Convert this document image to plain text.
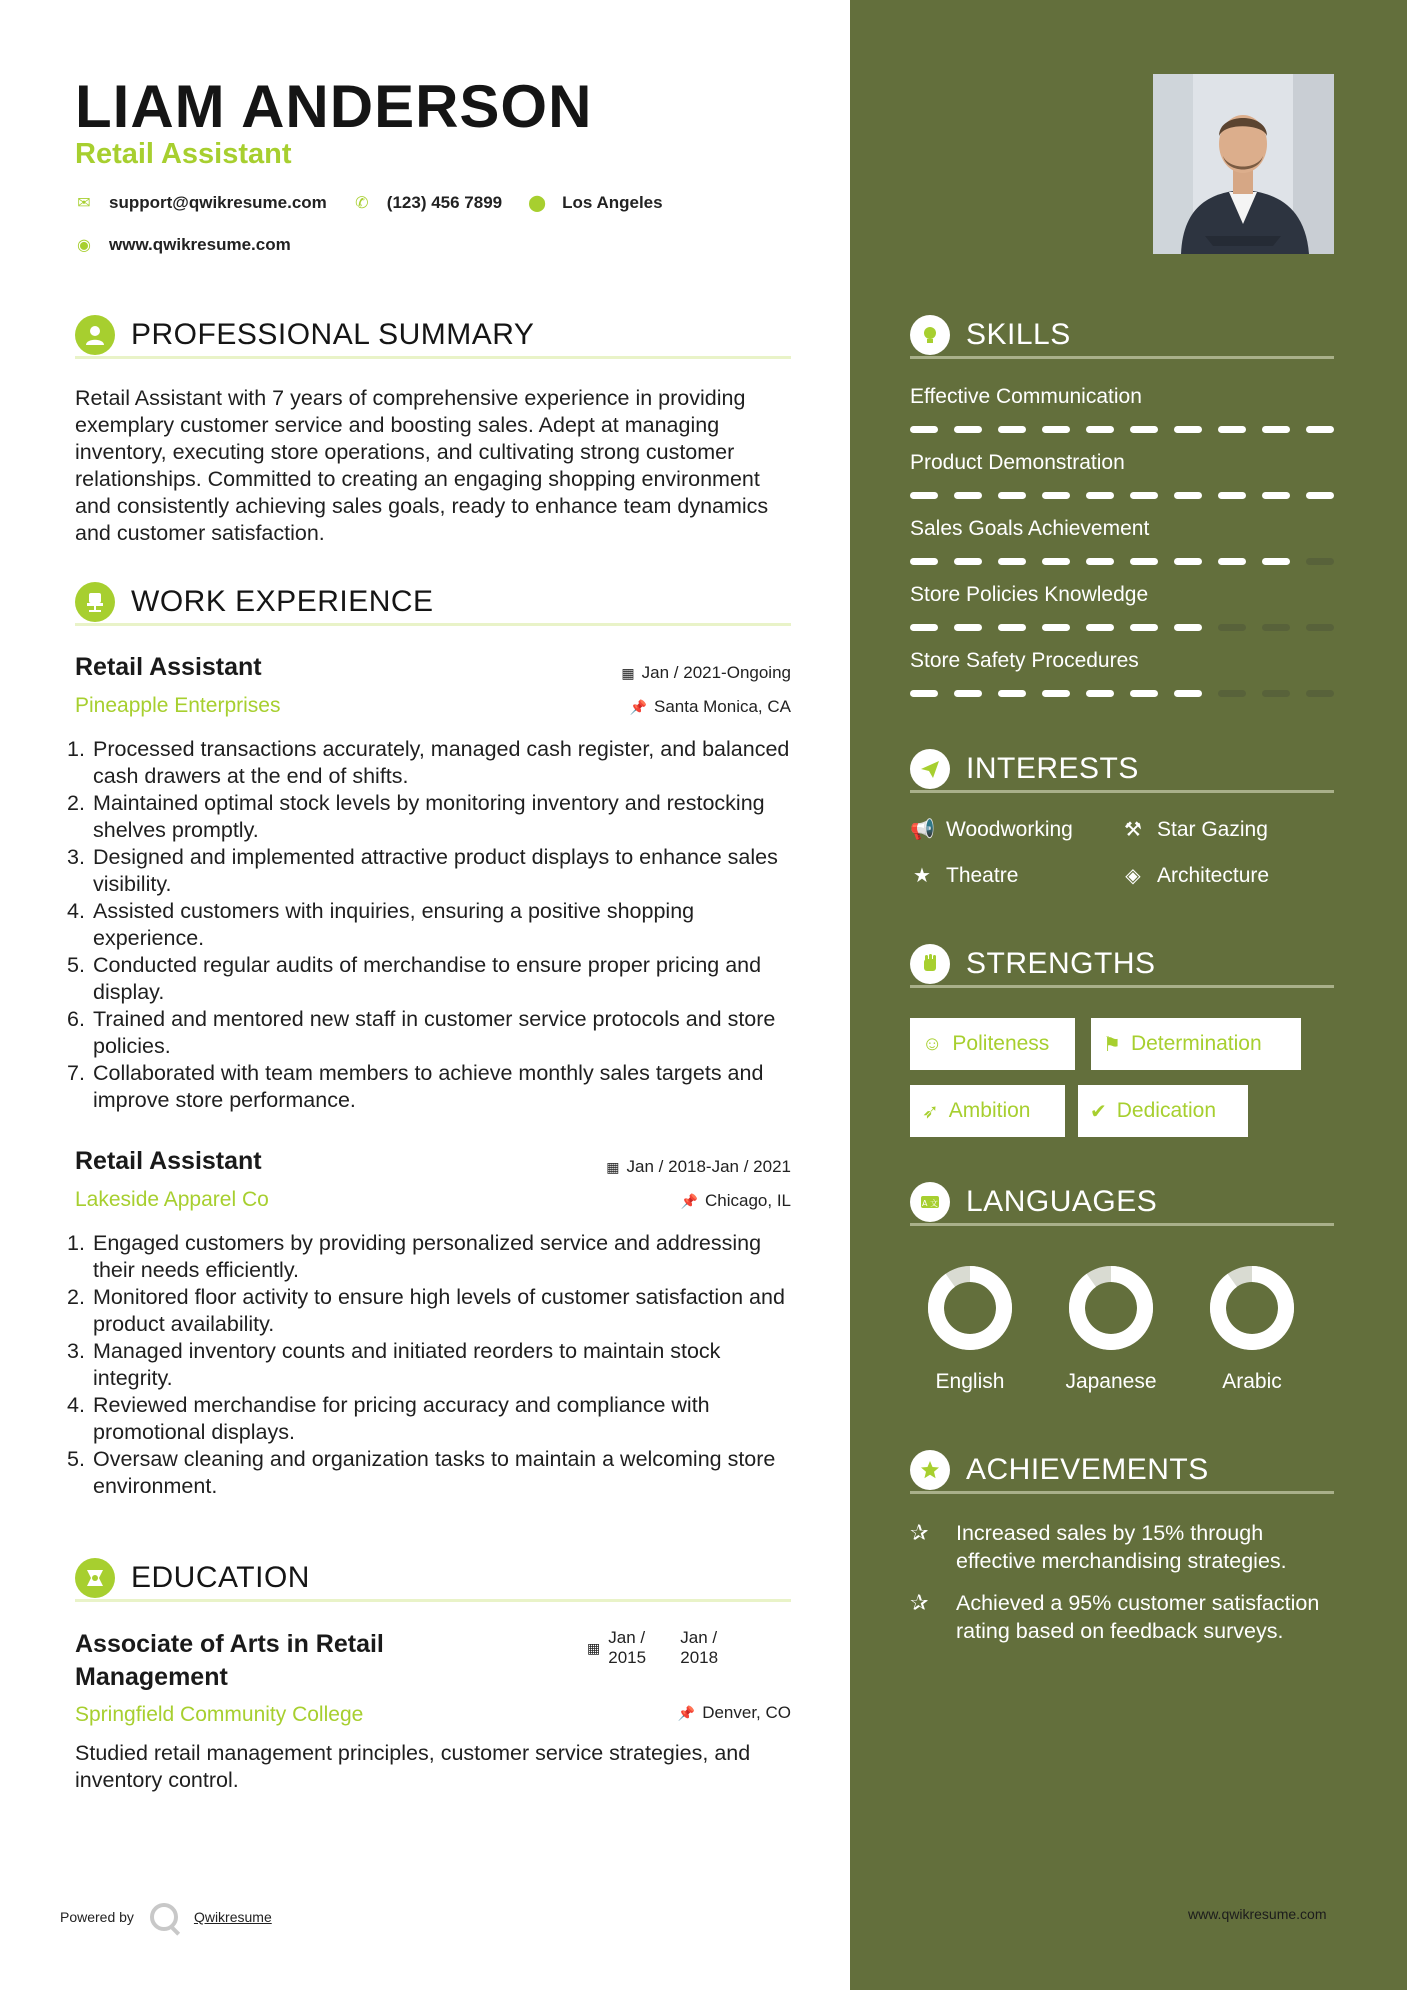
LIAM ANDERSON
Retail Assistant
✉ support@qwikresume.com ✆ (123) 456 7899 ⬤ Los Angeles
◉ www.qwikresume.com
PROFESSIONAL SUMMARY
Retail Assistant with 7 years of comprehensive experience in providing exemplary customer service and boosting sales. Adept at managing inventory, executing store operations, and cultivating strong customer relationships. Committed to creating an engaging shopping environment and consistently achieving sales goals, ready to enhance team dynamics and customer satisfaction.
WORK EXPERIENCE
Retail Assistant
Pineapple Enterprises
▦ Jan / 2021-Ongoing
📌 Santa Monica, CA
Processed transactions accurately, managed cash register, and balanced cash drawers at the end of shifts.
Maintained optimal stock levels by monitoring inventory and restocking shelves promptly.
Designed and implemented attractive product displays to enhance sales visibility.
Assisted customers with inquiries, ensuring a positive shopping experience.
Conducted regular audits of merchandise to ensure proper pricing and display.
Trained and mentored new staff in customer service protocols and store policies.
Collaborated with team members to achieve monthly sales targets and improve store performance.
Retail Assistant
Lakeside Apparel Co
▦ Jan / 2018-Jan / 2021
📌 Chicago, IL
Engaged customers by providing personalized service and addressing their needs efficiently.
Monitored floor activity to ensure high levels of customer satisfaction and product availability.
Managed inventory counts and initiated reorders to maintain stock integrity.
Reviewed merchandise for pricing accuracy and compliance with promotional displays.
Oversaw cleaning and organization tasks to maintain a welcoming store environment.
EDUCATION
Associate of Arts in Retail Management
▦
Jan / 2015
Jan / 2018
Springfield Community College	📌 Denver, CO
Studied retail management principles, customer service strategies, and inventory control.
Powered by	Qwikresume
SKILLS
Effective Communication
Product Demonstration
Sales Goals Achievement
Store Policies Knowledge
Store Safety Procedures
INTERESTS
📢 Woodworking	⚒ Star Gazing
★ Theatre	◈ Architecture
STRENGTHS
☺ Politeness	⚑ Determination
➶ Ambition	✔ Dedication
A 文 LANGUAGES
English	Japanese	Arabic
ACHIEVEMENTS
✰	Increased sales by 15% through effective merchandising strategies.
✰	Achieved a 95% customer satisfaction rating based on feedback surveys.
www.qwikresume.com
